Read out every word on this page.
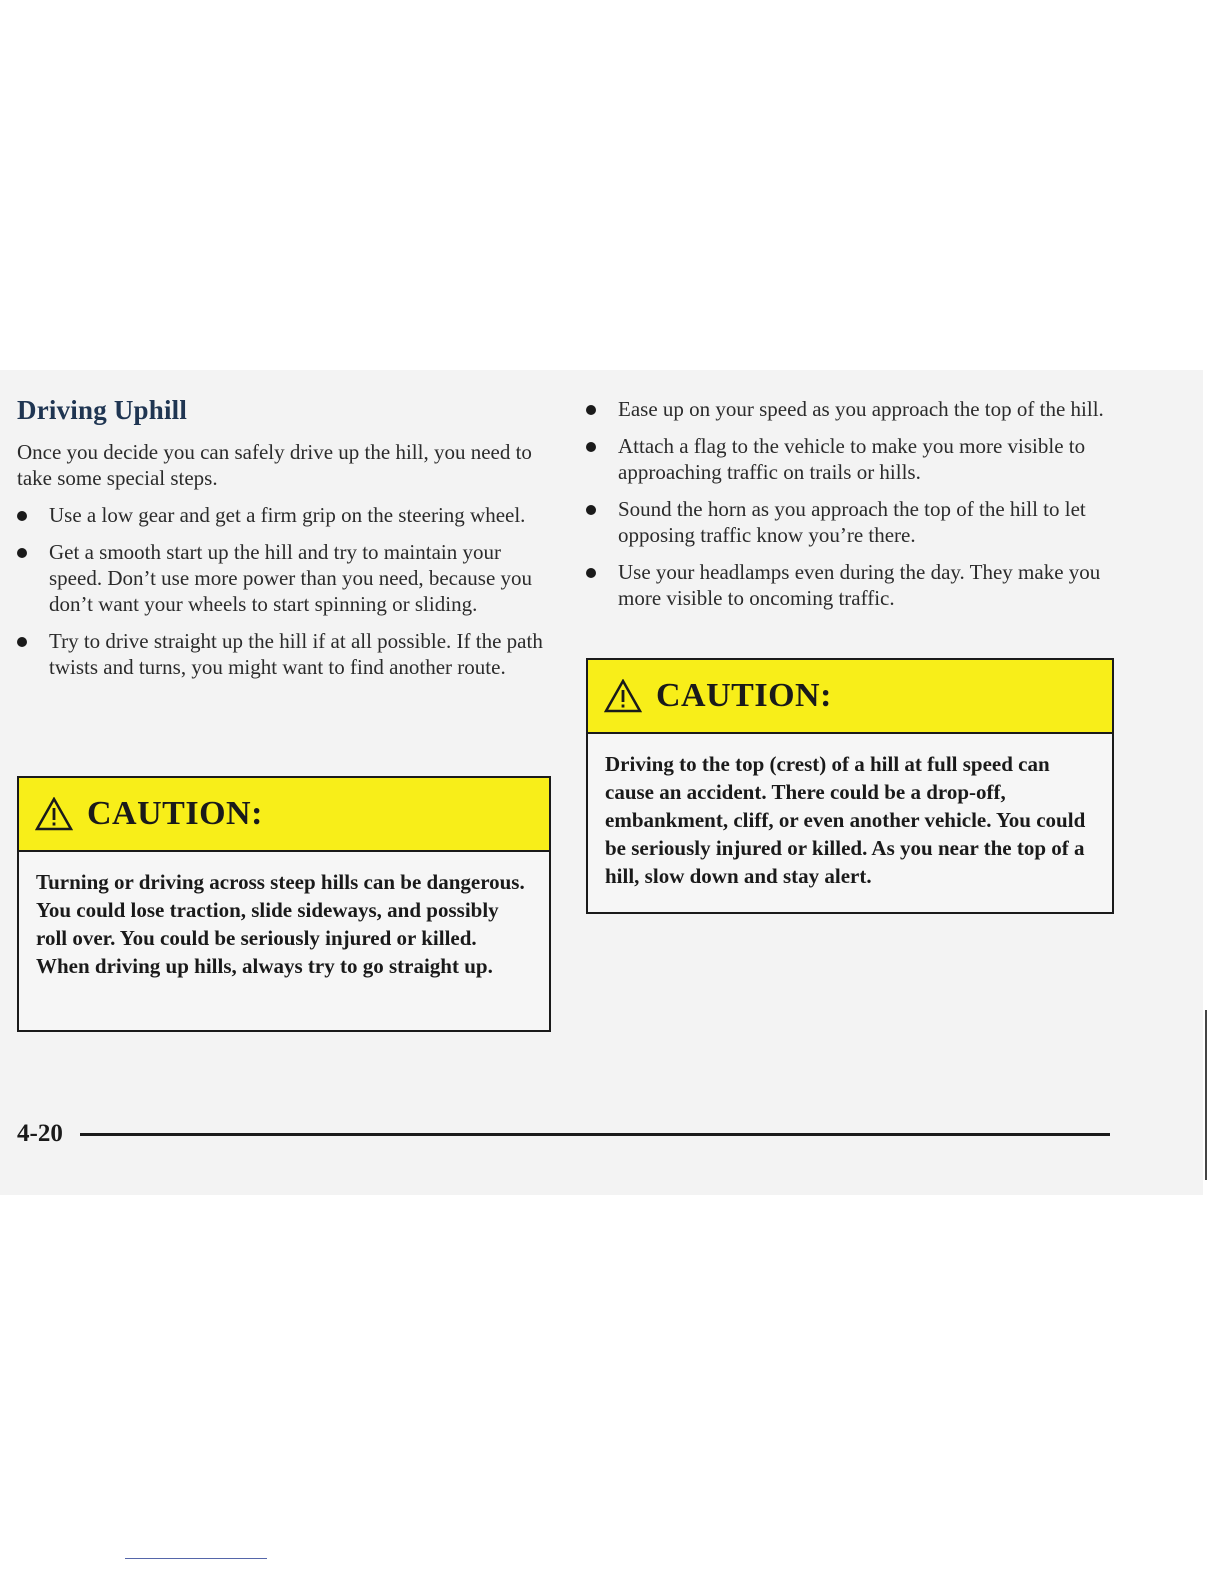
Driving Uphill

Once you decide you can safely drive up the hill, you need to take some special steps.

Use a low gear and get a firm grip on the steering wheel.
Get a smooth start up the hill and try to maintain your speed. Don’t use more power than you need, because you don’t want your wheels to start spinning or sliding.
Try to drive straight up the hill if at all possible. If the path twists and turns, you might want to find another route.
CAUTION:
Turning or driving across steep hills can be dangerous. You could lose traction, slide sideways, and possibly roll over. You could be seriously injured or killed. When driving up hills, always try to go straight up.
Ease up on your speed as you approach the top of the hill.
Attach a flag to the vehicle to make you more visible to approaching traffic on trails or hills.
Sound the horn as you approach the top of the hill to let opposing traffic know you’re there.
Use your headlamps even during the day. They make you more visible to oncoming traffic.
CAUTION:
Driving to the top (crest) of a hill at full speed can cause an accident. There could be a drop-off, embankment, cliff, or even another vehicle. You could be seriously injured or killed. As you near the top of a hill, slow down and stay alert.
4-20
